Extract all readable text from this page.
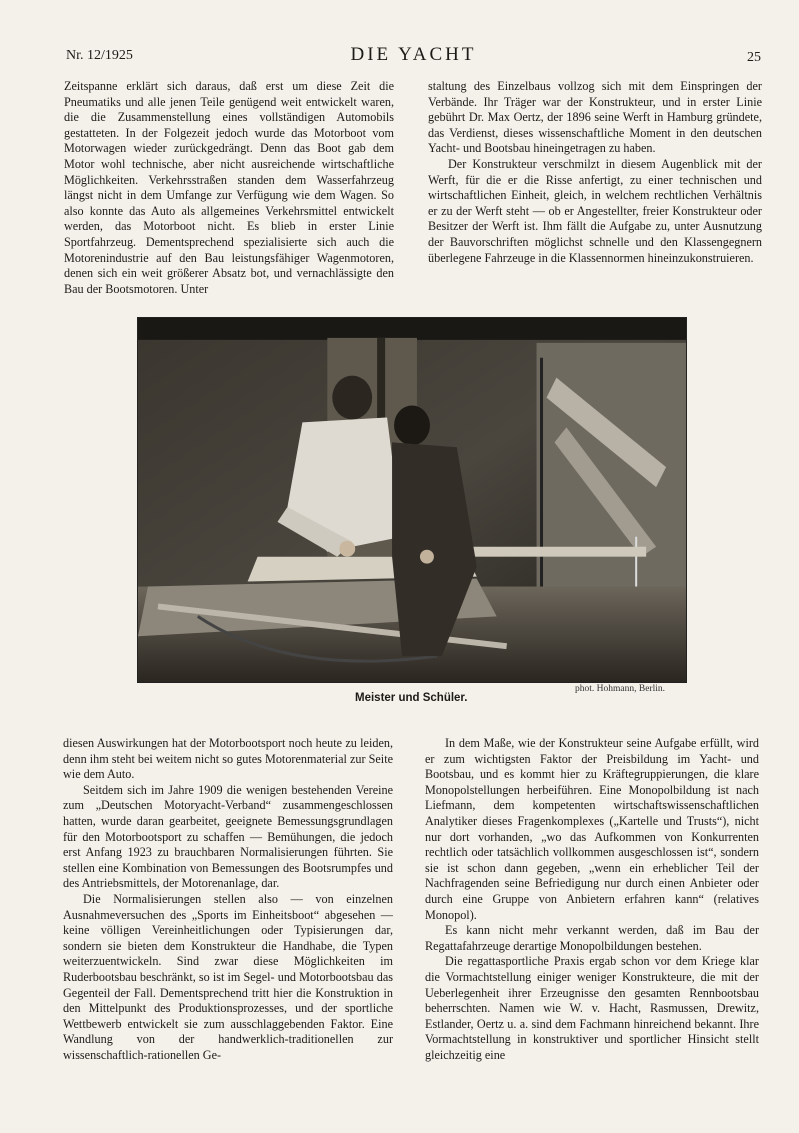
Nr. 12/1925	DIE YACHT	25

Zeitspanne erklärt sich daraus, daß erst um diese Zeit die Pneumatiks und alle jenen Teile genügend weit entwickelt waren, die die Zusammenstellung eines vollständigen Automobils gestatteten. In der Folgezeit jedoch wurde das Motorboot vom Motorwagen wieder zurückgedrängt. Denn das Boot gab dem Motor wohl technische, aber nicht ausreichende wirtschaftliche Möglichkeiten. Verkehrsstraßen standen dem Wasserfahrzeug längst nicht in dem Umfange zur Verfügung wie dem Wagen. So also konnte das Auto als allgemeines Verkehrsmittel entwickelt werden, das Motorboot nicht. Es blieb in erster Linie Sportfahrzeug. Dementsprechend spezialisierte sich auch die Motorenindustrie auf den Bau leistungsfähiger Wagenmotoren, denen sich ein weit größerer Absatz bot, und vernachlässigte den Bau der Bootsmotoren. Unter

staltung des Einzelbaus vollzog sich mit dem Einspringen der Verbände. Ihr Träger war der Konstrukteur, und in erster Linie gebührt Dr. Max Oertz, der 1896 seine Werft in Hamburg gründete, das Verdienst, dieses wissenschaftliche Moment in den deutschen Yacht- und Bootsbau hineingetragen zu haben.

Der Konstrukteur verschmilzt in diesem Augenblick mit der Werft, für die er die Risse anfertigt, zu einer technischen und wirtschaftlichen Einheit, gleich, in welchem rechtlichen Verhältnis er zu der Werft steht — ob er Angestellter, freier Konstrukteur oder Besitzer der Werft ist. Ihm fällt die Aufgabe zu, unter Ausnutzung der Bauvorschriften möglichst schnelle und den Klassengegnern überlegene Fahrzeuge in die Klassennormen hineinzukonstruieren.

phot. Hohmann, Berlin.
Meister und Schüler.

diesen Auswirkungen hat der Motorbootsport noch heute zu leiden, denn ihm steht bei weitem nicht so gutes Motorenmaterial zur Seite wie dem Auto.

Seitdem sich im Jahre 1909 die wenigen bestehenden Vereine zum „Deutschen Motoryacht-Verband“ zusammengeschlossen hatten, wurde daran gearbeitet, geeignete Bemessungsgrundlagen für den Motorbootsport zu schaffen — Bemühungen, die jedoch erst Anfang 1923 zu brauchbaren Normalisierungen führten. Sie stellen eine Kombination von Bemessungen des Bootsrumpfes und des Antriebsmittels, der Motorenanlage, dar.

Die Normalisierungen stellen also — von einzelnen Ausnahmeversuchen des „Sports im Einheitsboot“ abgesehen — keine völligen Vereinheitlichungen oder Typisierungen dar, sondern sie bieten dem Konstrukteur die Handhabe, die Typen weiterzuentwickeln. Sind zwar diese Möglichkeiten im Ruderbootsbau beschränkt, so ist im Segel- und Motorbootsbau das Gegenteil der Fall. Dementsprechend tritt hier die Konstruktion in den Mittelpunkt des Produktionsprozesses, und der sportliche Wettbewerb entwickelt sie zum ausschlaggebenden Faktor. Eine Wandlung von der handwerklich-traditionellen zur wissenschaftlich-rationellen Ge-

In dem Maße, wie der Konstrukteur seine Aufgabe erfüllt, wird er zum wichtigsten Faktor der Preisbildung im Yacht- und Bootsbau, und es kommt hier zu Kräftegruppierungen, die klare Monopolstellungen herbeiführen. Eine Monopolbildung ist nach Liefmann, dem kompetenten wirtschaftswissenschaftlichen Analytiker dieses Fragenkomplexes („Kartelle und Trusts“), nicht nur dort vorhanden, „wo das Aufkommen von Konkurrenten rechtlich oder tatsächlich vollkommen ausgeschlossen ist“, sondern sie ist schon dann gegeben, „wenn ein erheblicher Teil der Nachfragenden seine Befriedigung nur durch einen Anbieter oder durch eine Gruppe von Anbietern erfahren kann“ (relatives Monopol).

Es kann nicht mehr verkannt werden, daß im Bau der Regattafahrzeuge derartige Monopolbildungen bestehen.

Die regattasportliche Praxis ergab schon vor dem Kriege klar die Vormachtstellung einiger weniger Konstrukteure, die mit der Ueberlegenheit ihrer Erzeugnisse den gesamten Rennbootsbau beherrschten. Namen wie W. v. Hacht, Rasmussen, Drewitz, Estlander, Oertz u. a. sind dem Fachmann hinreichend bekannt. Ihre Vormachtstellung in konstruktiver und sportlicher Hinsicht stellt gleichzeitig eine
